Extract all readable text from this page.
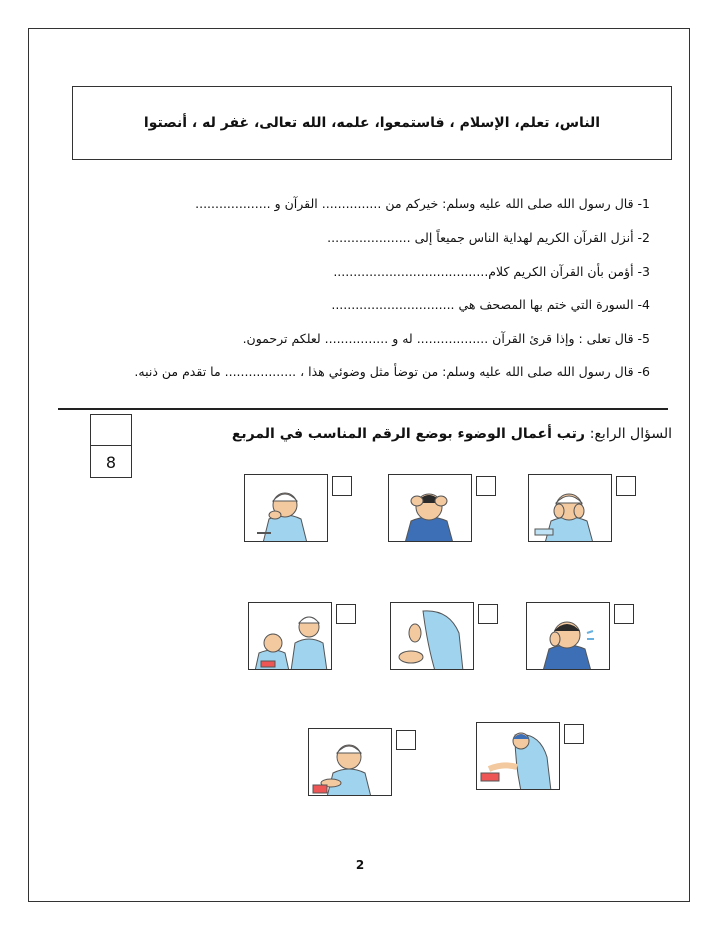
الناس، تعلم، الإسلام ، فاستمعوا، علمه، الله تعالى، غفر له ، أنصتوا
1- قال رسول الله صلى الله عليه وسلم: خيركم من ............... القرآن و ...................
2- أنزل القرآن الكريم لهداية الناس جميعاً إلى .....................
3- أؤمن بأن القرآن الكريم كلام.......................................
4- السورة التي ختم بها المصحف هي ...............................
5- قال تعلى : وإذا قرئ القرآن .................. له و ................ لعلكم ترحمون.
6- قال رسول الله صلى الله عليه وسلم: من توضأ مثل وضوئي هذا ، .................. ما تقدم من ذنبه.
8
السؤال الرابع: رتب أعمال الوضوء بوضع الرقم المناسب في المربع
2
